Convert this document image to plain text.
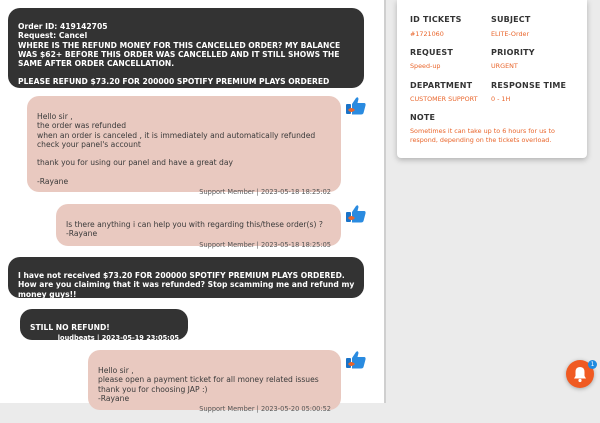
Order ID: 419142705
Request: Cancel
WHERE IS THE REFUND MONEY FOR THIS CANCELLED ORDER? MY BALANCE WAS $62+ BEFORE THIS ORDER WAS CANCELLED AND IT STILL SHOWS THE SAME AFTER ORDER CANCELLATION.

PLEASE REFUND $73.20 FOR 200000 SPOTIFY PREMIUM PLAYS ORDERED RIGHT AWAY!!

Hello sir ,
the order was refunded
when an order is canceled , it is immediately and automatically refunded
check your panel's account

thank you for using our panel and have a great day

-Rayane
Support Member | 2023-05-18 18:25:02

Is there anything i can help you with regarding this/these order(s) ?
-Rayane
Support Member | 2023-05-18 18:25:05

I have not received $73.20 FOR 200000 SPOTIFY PREMIUM PLAYS ORDERED. How are you claiming that it was refunded? Stop scamming me and refund my money guys!!
loudbeats | 2023-05-18 19:56:45

STILL NO REFUND!
loudbeats | 2023-05-19 23:05:05

Hello sir ,
please open a payment ticket for all money related issues
thank you for choosing JAP :)
-Rayane
Support Member | 2023-05-20 05:00:52

ID TICKETS
#1721060
SUBJECT
ELITE-Order
REQUEST
Speed-up
PRIORITY
URGENT
DEPARTMENT
CUSTOMER SUPPORT
RESPONSE TIME
0 - 1H
NOTE
Sometimes it can take up to 6 hours for us to respond, depending on the tickets overload.
1
